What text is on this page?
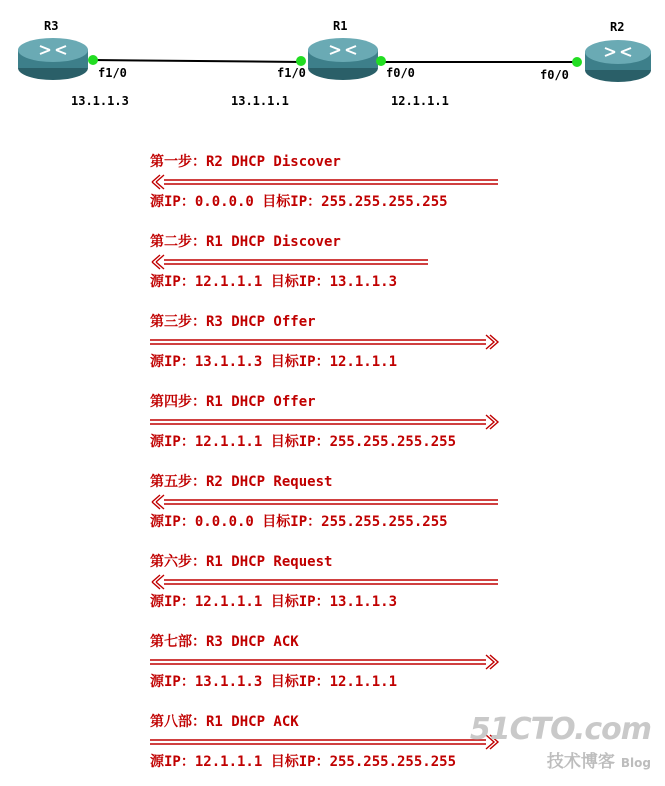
R3	R1	R2
f1/0	f1/0	f0/0	f0/0
13.1.1.3	13.1.1.1	12.1.1.1
第一步：R2 DHCP Discover
源IP：0.0.0.0 目标IP：255.255.255.255
第二步：R1 DHCP Discover
源IP：12.1.1.1 目标IP：13.1.1.3
第三步：R3 DHCP Offer
源IP：13.1.1.3 目标IP：12.1.1.1
第四步：R1 DHCP Offer
源IP：12.1.1.1 目标IP：255.255.255.255
第五步：R2 DHCP Request
源IP：0.0.0.0 目标IP：255.255.255.255
第六步：R1 DHCP Request
源IP：12.1.1.1 目标IP：13.1.1.3
第七部：R3 DHCP ACK
源IP：13.1.1.3 目标IP：12.1.1.1
第八部：R1 DHCP ACK
源IP：12.1.1.1 目标IP：255.255.255.255
51CTO.com
技术博客 Blog
